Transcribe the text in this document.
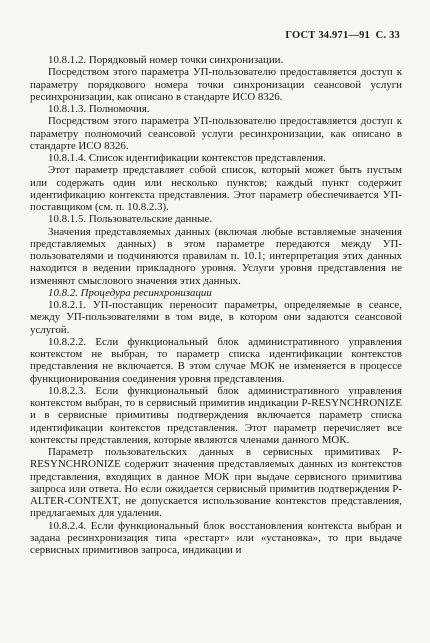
ГОСТ 34.971—91 С. 33

10.8.1.2. Порядковый номер точки синхронизации.

Посредством этого параметра УП-пользователю предоставляется доступ к параметру порядкового номера точки синхронизации сеансовой услуги ресинхронизации, как описано в стандарте ИСО 8326.

10.8.1.3. Полномочия.

Посредством этого параметра УП-пользователю предоставляется доступ к параметру полномочий сеансовой услуги ресинхронизации, как описано в стандарте ИСО 8326.

10.8.1.4. Список идентификации контекстов представления.

Этот параметр представляет собой список, который может быть пустым или содержать один или несколько пунктов; каждый пункт содержит идентификацию контекста представления. Этот параметр обеспечивается УП-поставщиком (см. п. 10.8.2.3).

10.8.1.5. Пользовательские данные.

Значения представляемых данных (включая любые вставляемые значения представляемых данных) в этом параметре передаются между УП-пользователями и подчиняются правилам п. 10.1; интерпретация этих данных находится в ведении прикладного уровня. Услуги уровня представления не изменяют смыслового значения этих данных.

10.8.2. Процедура ресинхронизации

10.8.2.1. УП-поставщик переносит параметры, определяемые в сеансе, между УП-пользователями в том виде, в котором они задаются сеансовой услугой.

10.8.2.2. Если функциональный блок административного управления контекстом не выбран, то параметр списка идентификации контекстов представления не включается. В этом случае МОК не изменяется в процессе функционирования соединения уровня представления.

10.8.2.3. Если функциональный блок административного управления контекстом выбран, то в сервисный примитив индикации P-RESYNCHRONIZE и в сервисные примитивы подтверждения включается параметр списка идентификации контекстов представления. Этот параметр перечисляет все контексты представления, которые являются членами данного МОК.

Параметр пользовательских данных в сервисных примитивах P-RESYNCHRONIZE содержит значения представляемых данных из контекстов представления, входящих в данное МОК при выдаче сервисного примитива запроса или ответа. Но если ожидается сервисный примитив подтверждения P-ALTER-CONTEXT, не допускается использование контекстов представления, предлагаемых для удаления.

10.8.2.4. Если функциональный блок восстановления контекста выбран и задана ресинхронизация типа «рестарт» или «установка», то при выдаче сервисных примитивов запроса, индикации и
